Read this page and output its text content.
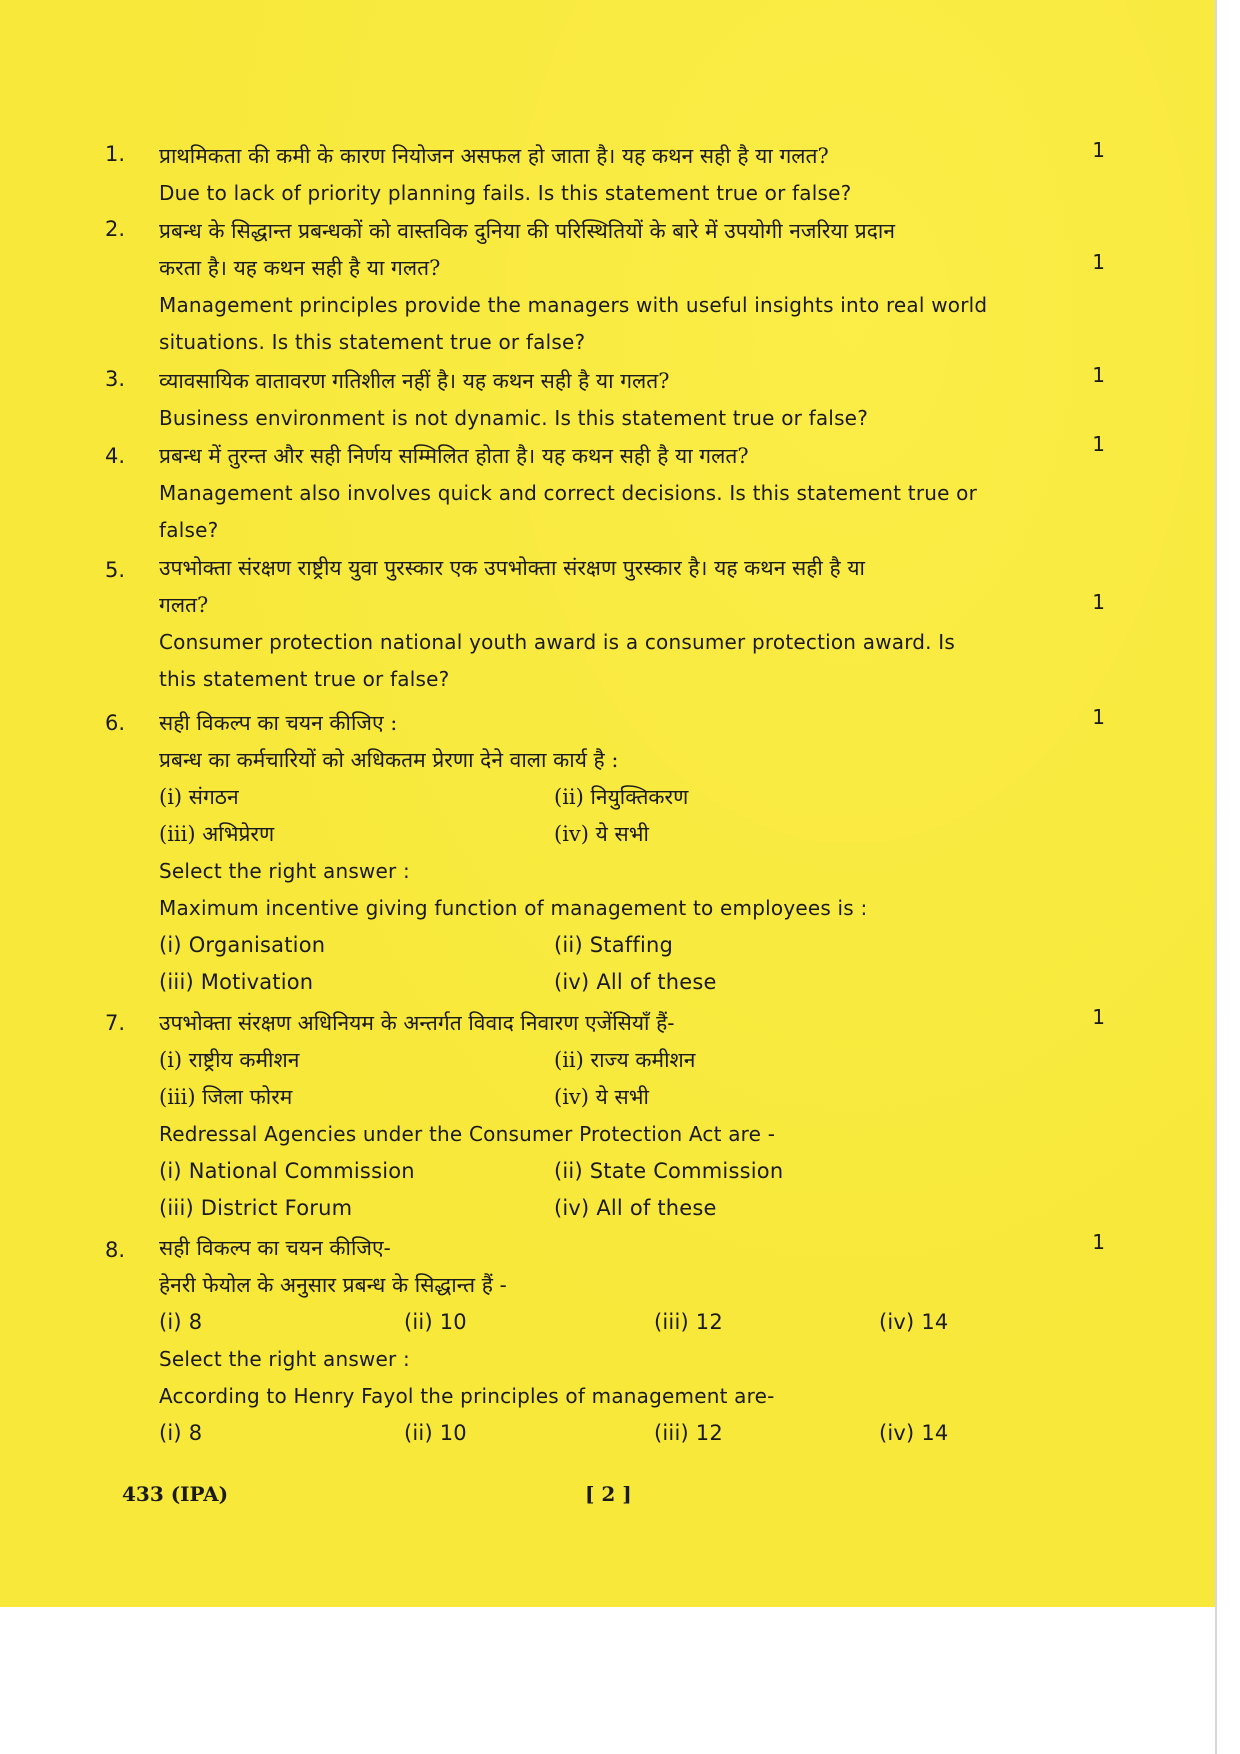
1.	1
प्राथमिकता की कमी के कारण नियोजन असफल हो जाता है। यह कथन सही है या गलत?
Due to lack of priority planning fails. Is this statement true or false?
2.
1
प्रबन्ध के सिद्धान्त प्रबन्धकों को वास्तविक दुनिया की परिस्थितियों के बारे में उपयोगी नजरिया प्रदान
करता है। यह कथन सही है या गलत?
Management principles provide the managers with useful insights into real world
situations. Is this statement true or false?
3.	1
व्यावसायिक वातावरण गतिशील नहीं है। यह कथन सही है या गलत?
Business environment is not dynamic. Is this statement true or false?
4.	1
प्रबन्ध में तुरन्त और सही निर्णय सम्मिलित होता है। यह कथन सही है या गलत?
Management also involves quick and correct decisions. Is this statement true or
false?
5.
1
उपभोक्ता संरक्षण राष्ट्रीय युवा पुरस्कार एक उपभोक्ता संरक्षण पुरस्कार है। यह कथन सही है या
गलत?
Consumer protection national youth award is a consumer protection award. Is
this statement true or false?
6.	1
सही विकल्प का चयन कीजिए :
प्रबन्ध का कर्मचारियों को अधिकतम प्रेरणा देने वाला कार्य है :
(i) संगठन	(ii) नियुक्तिकरण
(iii) अभिप्रेरण	(iv) ये सभी
Select the right answer :
Maximum incentive giving function of management to employees is :
(i) Organisation	(ii) Staffing
(iii) Motivation	(iv) All of these
7.	1
उपभोक्ता संरक्षण अधिनियम के अन्तर्गत विवाद निवारण एजेंसियाँ हैं-
(i) राष्ट्रीय कमीशन	(ii) राज्य कमीशन
(iii) जिला फोरम	(iv) ये सभी
Redressal Agencies under the Consumer Protection Act are -
(i) National Commission	(ii) State Commission
(iii) District Forum	(iv) All of these
8.	1
सही विकल्प का चयन कीजिए-
हेनरी फेयोल के अनुसार प्रबन्ध के सिद्धान्त हैं -
(i) 8	(ii) 10	(iii) 12	(iv) 14
Select the right answer :
According to Henry Fayol the principles of management are-
(i) 8	(ii) 10	(iii) 12	(iv) 14
433 (IPA)	[ 2 ]
